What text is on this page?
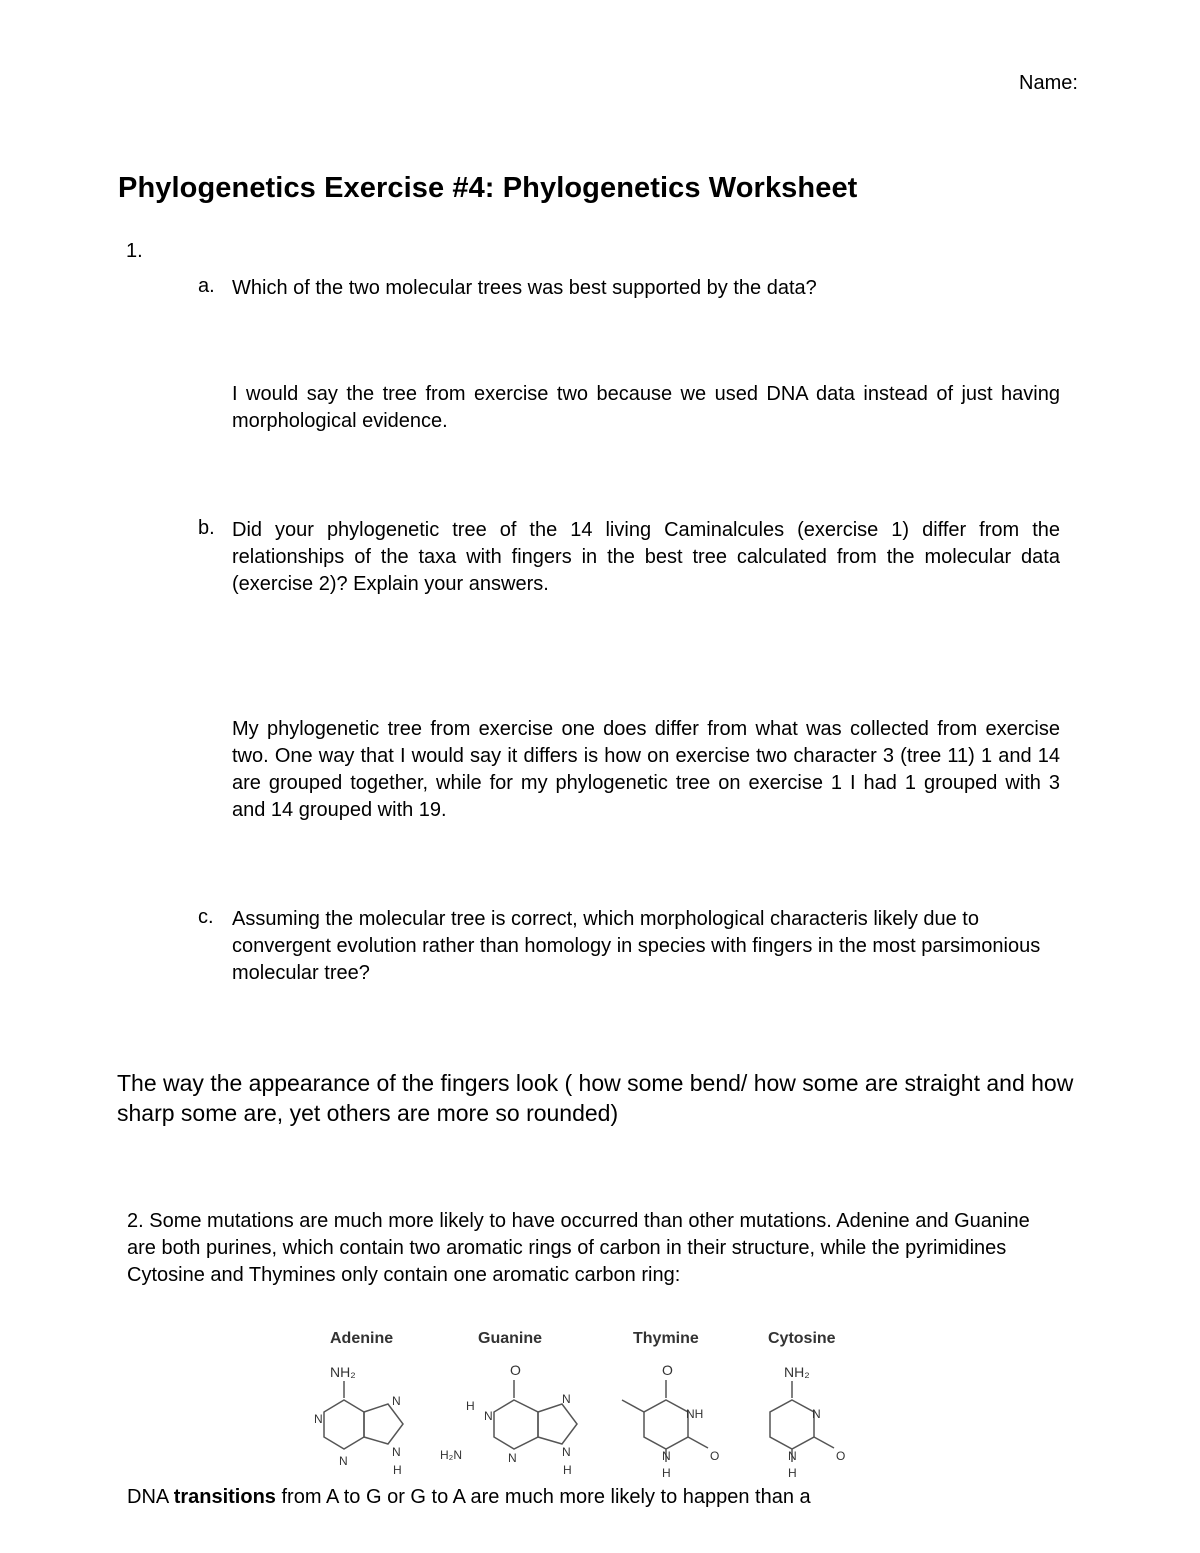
Name:
Phylogenetics Exercise #4: Phylogenetics Worksheet
1.
a. Which of the two molecular trees was best supported by the data?
I would say the tree from exercise two because we used DNA data instead of just having morphological evidence.
b. Did your phylogenetic tree of the 14 living Caminalcules (exercise 1) differ from the relationships of the taxa with fingers in the best tree calculated from the molecular data (exercise 2)? Explain your answers.
My phylogenetic tree from exercise one does differ from what was collected from exercise two. One way that I would say it differs is how on exercise two character 3 (tree 11) 1 and 14 are grouped together, while for my phylogenetic tree on exercise 1 I had 1 grouped with 3 and 14 grouped with 19.
c. Assuming the molecular tree is correct, which morphological characteris likely due to convergent evolution rather than homology in species with fingers in the most parsimonious molecular tree?
The way the appearance of the fingers look ( how some bend/ how some are straight and how sharp some are, yet others are more so rounded)
2. Some mutations are much more likely to have occurred than other mutations. Adenine and Guanine are both purines, which contain two aromatic rings of carbon in their structure, while the pyrimidines Cytosine and Thymines only contain one aromatic carbon ring:
Adenine
NH₂
N
N
N
N
H
Guanine
O
H
N
H₂N	N
N
N
H
Thymine
O
NH
N	O
H
Cytosine
NH₂
N
N	O
H
DNA transitions from A to G or G to A are much more likely to happen than a
